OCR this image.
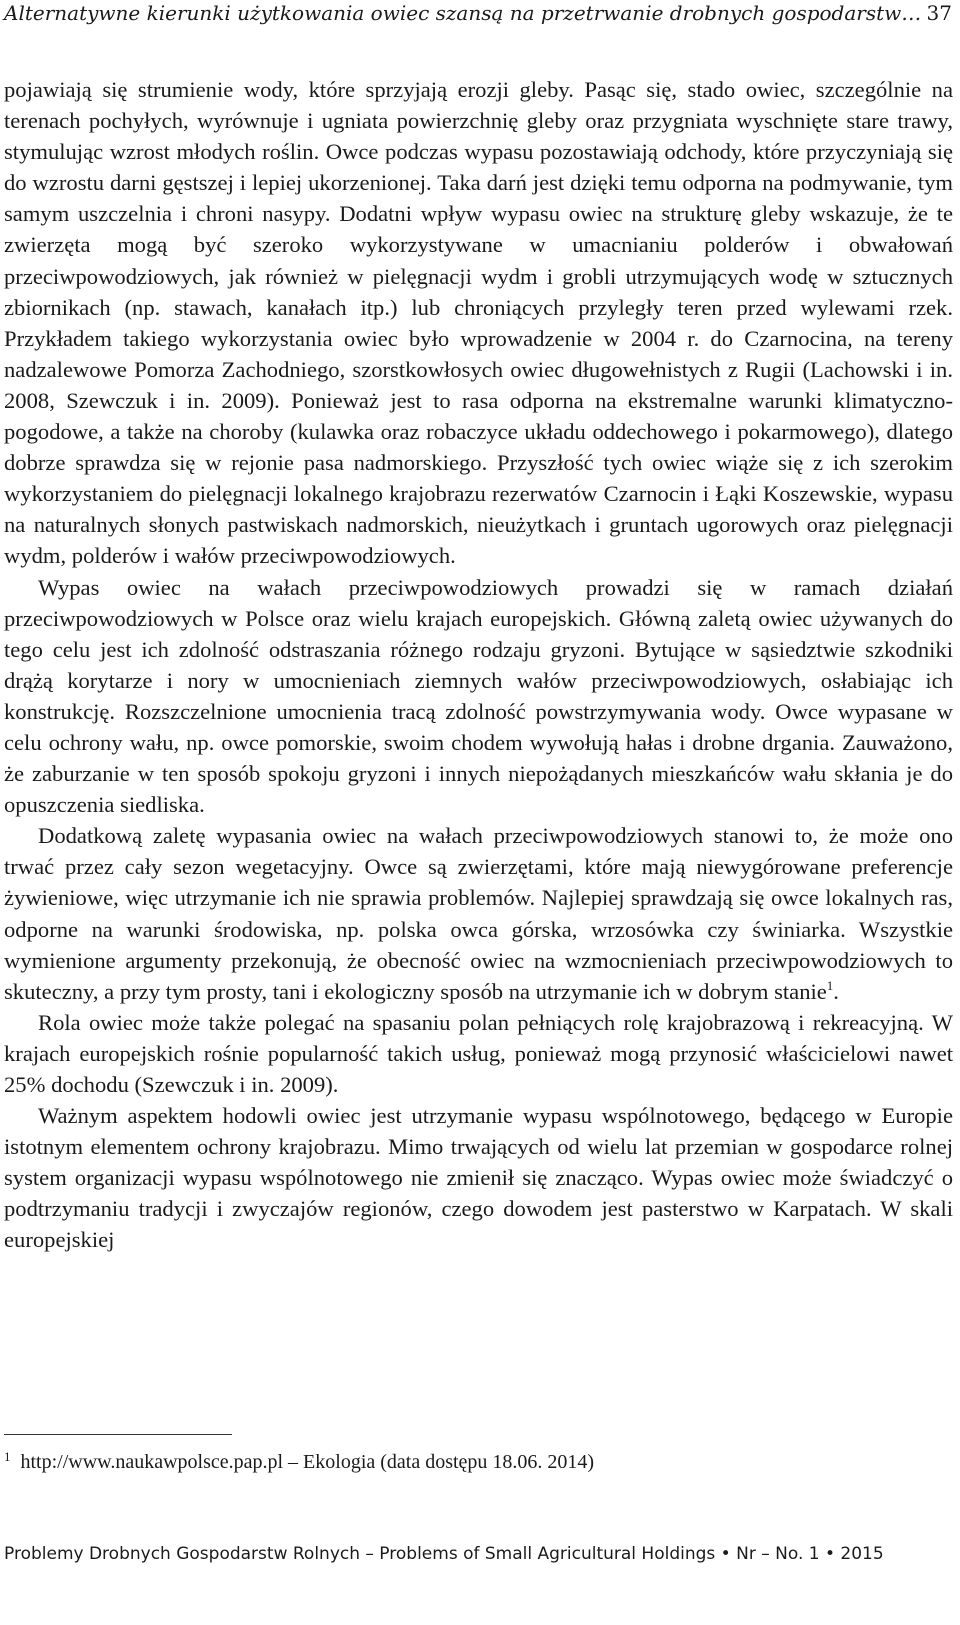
Alternatywne kierunki użytkowania owiec szansą na przetrwanie drobnych gospodarstw… 37

pojawiają się strumienie wody, które sprzyjają erozji gleby. Pasąc się, stado owiec, szczególnie na terenach pochyłych, wyrównuje i ugniata powierzchnię gleby oraz przygniata wyschnięte stare trawy, stymulując wzrost młodych roślin. Owce podczas wypasu pozostawiają odchody, które przyczyniają się do wzrostu darni gęstszej i lepiej ukorzenionej. Taka darń jest dzięki temu odporna na podmywanie, tym samym uszczelnia i chroni nasypy. Dodatni wpływ wypasu owiec na strukturę gleby wskazuje, że te zwierzęta mogą być szeroko wykorzystywane w umacnianiu polderów i obwałowań przeciwpowodziowych, jak również w pielęgnacji wydm i grobli utrzymujących wodę w sztucznych zbiornikach (np. stawach, kanałach itp.) lub chroniących przyległy teren przed wylewami rzek. Przykładem takiego wykorzystania owiec było wprowadzenie w 2004 r. do Czarnocina, na tereny nadzalewowe Pomorza Zachodniego, szorstkowłosych owiec długowełnistych z Rugii (Lachowski i in. 2008, Szewczuk i in. 2009). Ponieważ jest to rasa odporna na ekstremalne warunki klimatyczno-pogodowe, a także na choroby (kulawka oraz robaczyce układu oddechowego i pokarmowego), dlatego dobrze sprawdza się w rejonie pasa nadmorskiego. Przyszłość tych owiec wiąże się z ich szerokim wykorzystaniem do pielęgnacji lokalnego krajobrazu rezerwatów Czarnocin i Łąki Koszewskie, wypasu na naturalnych słonych pastwiskach nadmorskich, nieużytkach i gruntach ugorowych oraz pielęgnacji wydm, polderów i wałów przeciwpowodziowych.

Wypas owiec na wałach przeciwpowodziowych prowadzi się w ramach działań przeciwpowodziowych w Polsce oraz wielu krajach europejskich. Główną zaletą owiec używanych do tego celu jest ich zdolność odstraszania różnego rodzaju gryzoni. Bytujące w sąsiedztwie szkodniki drążą korytarze i nory w umocnieniach ziemnych wałów przeciwpowodziowych, osłabiając ich konstrukcję. Rozszczelnione umocnienia tracą zdolność powstrzymywania wody. Owce wypasane w celu ochrony wału, np. owce pomorskie, swoim chodem wywołują hałas i drobne drgania. Zauważono, że zaburzanie w ten sposób spokoju gryzoni i innych niepożądanych mieszkańców wału skłania je do opuszczenia siedliska.

Dodatkową zaletę wypasania owiec na wałach przeciwpowodziowych stanowi to, że może ono trwać przez cały sezon wegetacyjny. Owce są zwierzętami, które mają niewygórowane preferencje żywieniowe, więc utrzymanie ich nie sprawia problemów. Najlepiej sprawdzają się owce lokalnych ras, odporne na warunki środowiska, np. polska owca górska, wrzosówka czy świniarka. Wszystkie wymienione argumenty przekonują, że obecność owiec na wzmocnieniach przeciwpowodziowych to skuteczny, a przy tym prosty, tani i ekologiczny sposób na utrzymanie ich w dobrym stanie$^1$.

Rola owiec może także polegać na spasaniu polan pełniących rolę krajobrazową i rekreacyjną. W krajach europejskich rośnie popularność takich usług, ponieważ mogą przynosić właścicielowi nawet 25% dochodu (Szewczuk i in. 2009).

Ważnym aspektem hodowli owiec jest utrzymanie wypasu wspólnotowego, będącego w Europie istotnym elementem ochrony krajobrazu. Mimo trwających od wielu lat przemian w gospodarce rolnej system organizacji wypasu wspólnotowego nie zmienił się znacząco. Wypas owiec może świadczyć o podtrzymaniu tradycji i zwyczajów regionów, czego dowodem jest pasterstwo w Karpatach. W skali europejskiej

$^1$ http://www.naukawpolsce.pap.pl – Ekologia (data dostępu 18.06. 2014)
Problemy Drobnych Gospodarstw Rolnych – Problems of Small Agricultural Holdings • Nr – No. 1 • 2015
